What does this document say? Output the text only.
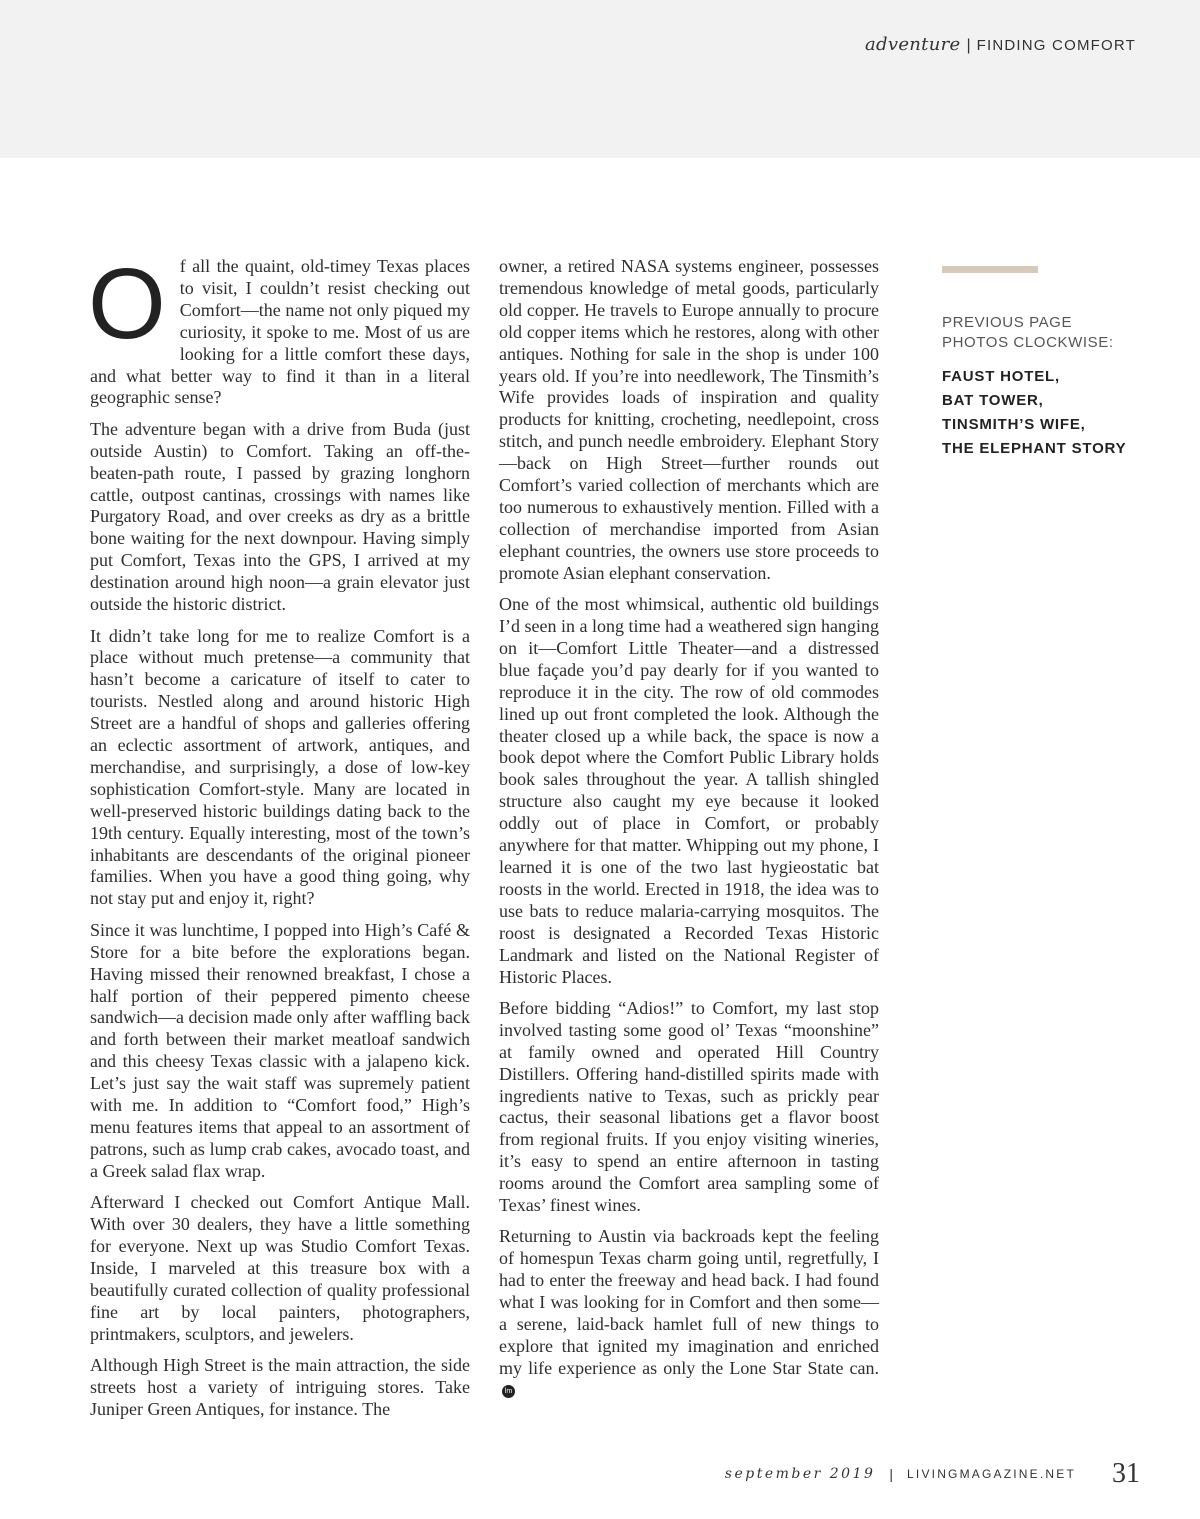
adventure | FINDING COMFORT

Of all the quaint, old-timey Texas places to visit, I couldn’t resist checking out Comfort—the name not only piqued my curiosity, it spoke to me. Most of us are looking for a little comfort these days, and what better way to find it than in a literal geographic sense?

The adventure began with a drive from Buda (just outside Austin) to Comfort. Taking an off-the-beaten-path route, I passed by grazing longhorn cattle, outpost cantinas, crossings with names like Purgatory Road, and over creeks as dry as a brittle bone waiting for the next downpour. Having simply put Comfort, Texas into the GPS, I arrived at my destination around high noon—a grain elevator just outside the historic district.

It didn’t take long for me to realize Comfort is a place without much pretense—a community that hasn’t become a caricature of itself to cater to tourists. Nestled along and around historic High Street are a handful of shops and galleries offering an eclectic assortment of artwork, antiques, and merchandise, and surprisingly, a dose of low-key sophistication Comfort-style. Many are located in well-preserved historic buildings dating back to the 19th century. Equally interesting, most of the town’s inhabitants are descendants of the original pioneer families. When you have a good thing going, why not stay put and enjoy it, right?

Since it was lunchtime, I popped into High’s Café & Store for a bite before the explorations began. Having missed their renowned breakfast, I chose a half portion of their peppered pimento cheese sandwich—a decision made only after waffling back and forth between their market meatloaf sandwich and this cheesy Texas classic with a jalapeno kick. Let’s just say the wait staff was supremely patient with me. In addition to “Comfort food,” High’s menu features items that appeal to an assortment of patrons, such as lump crab cakes, avocado toast, and a Greek salad flax wrap.

Afterward I checked out Comfort Antique Mall. With over 30 dealers, they have a little something for everyone. Next up was Studio Comfort Texas. Inside, I marveled at this treasure box with a beautifully curated collection of quality professional fine art by local painters, photographers, printmakers, sculptors, and jewelers.

Although High Street is the main attraction, the side streets host a variety of intriguing stores. Take Juniper Green Antiques, for instance. The

owner, a retired NASA systems engineer, possesses tremendous knowledge of metal goods, particularly old copper. He travels to Europe annually to procure old copper items which he restores, along with other antiques. Nothing for sale in the shop is under 100 years old. If you’re into needlework, The Tinsmith’s Wife provides loads of inspiration and quality products for knitting, crocheting, needlepoint, cross stitch, and punch needle embroidery. Elephant Story—back on High Street—further rounds out Comfort’s varied collection of merchants which are too numerous to exhaustively mention. Filled with a collection of merchandise imported from Asian elephant countries, the owners use store proceeds to promote Asian elephant conservation.

One of the most whimsical, authentic old buildings I’d seen in a long time had a weathered sign hanging on it—Comfort Little Theater—and a distressed blue façade you’d pay dearly for if you wanted to reproduce it in the city. The row of old commodes lined up out front completed the look. Although the theater closed up a while back, the space is now a book depot where the Comfort Public Library holds book sales throughout the year. A tallish shingled structure also caught my eye because it looked oddly out of place in Comfort, or probably anywhere for that matter. Whipping out my phone, I learned it is one of the two last hygieostatic bat roosts in the world. Erected in 1918, the idea was to use bats to reduce malaria-carrying mosquitos. The roost is designated a Recorded Texas Historic Landmark and listed on the National Register of Historic Places.

Before bidding “Adios!” to Comfort, my last stop involved tasting some good ol’ Texas “moonshine” at family owned and operated Hill Country Distillers. Offering hand-distilled spirits made with ingredients native to Texas, such as prickly pear cactus, their seasonal libations get a flavor boost from regional fruits. If you enjoy visiting wineries, it’s easy to spend an entire afternoon in tasting rooms around the Comfort area sampling some of Texas’ finest wines.

Returning to Austin via backroads kept the feeling of homespun Texas charm going until, regretfully, I had to enter the freeway and head back. I had found what I was looking for in Comfort and then some—a serene, laid-back hamlet full of new things to explore that ignited my imagination and enriched my life experience as only the Lone Star State can.lm

PREVIOUS PAGE PHOTOS CLOCKWISE:
FAUST HOTEL,
BAT TOWER,
TINSMITH’S WIFE,
THE ELEPHANT STORY
september 2019 | LIVINGMAGAZINE.NET 31
